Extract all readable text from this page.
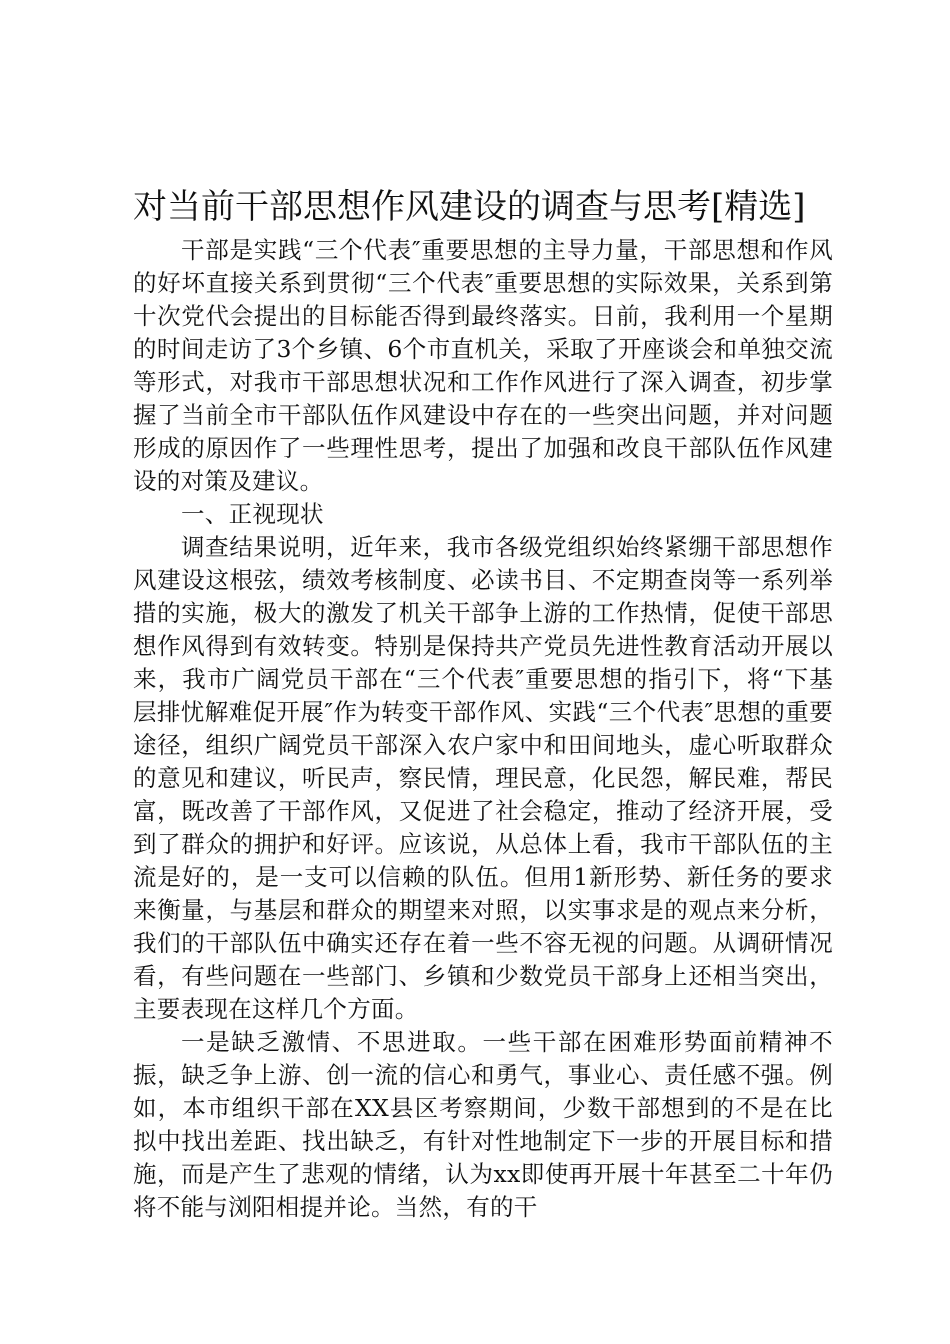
对当前干部思想作风建设的调查与思考[精选]

干部是实践“三个代表″重要思想的主导力量，干部思想和作风的好坏直接关系到贯彻“三个代表″重要思想的实际效果，关系到第十次党代会提出的目标能否得到最终落实。日前，我利用一个星期的时间走访了3个乡镇、6个市直机关，采取了开座谈会和单独交流等形式，对我市干部思想状况和工作作风进行了深入调查，初步掌握了当前全市干部队伍作风建设中存在的一些突出问题，并对问题形成的原因作了一些理性思考，提出了加强和改良干部队伍作风建设的对策及建议。

一、正视现状

调查结果说明，近年来，我市各级党组织始终紧绷干部思想作风建设这根弦，绩效考核制度、必读书目、不定期查岗等一系列举措的实施，极大的激发了机关干部争上游的工作热情，促使干部思想作风得到有效转变。特别是保持共产党员先进性教育活动开展以来，我市广阔党员干部在“三个代表″重要思想的指引下，将“下基层排忧解难促开展″作为转变干部作风、实践“三个代表″思想的重要途径，组织广阔党员干部深入农户家中和田间地头，虚心听取群众的意见和建议，听民声，察民情，理民意，化民怨，解民难，帮民富，既改善了干部作风，又促进了社会稳定，推动了经济开展，受到了群众的拥护和好评。应该说，从总体上看，我市干部队伍的主流是好的，是一支可以信赖的队伍。但用1新形势、新任务的要求来衡量，与基层和群众的期望来对照，以实事求是的观点来分析，我们的干部队伍中确实还存在着一些不容无视的问题。从调研情况看，有些问题在一些部门、乡镇和少数党员干部身上还相当突出，主要表现在这样几个方面。

一是缺乏激情、不思进取。一些干部在困难形势面前精神不振，缺乏争上游、创一流的信心和勇气，事业心、责任感不强。例如，本市组织干部在XX县区考察期间，少数干部想到的不是在比拟中找出差距、找出缺乏，有针对性地制定下一步的开展目标和措施，而是产生了悲观的情绪，认为xx即使再开展十年甚至二十年仍将不能与浏阳相提并论。当然，有的干
